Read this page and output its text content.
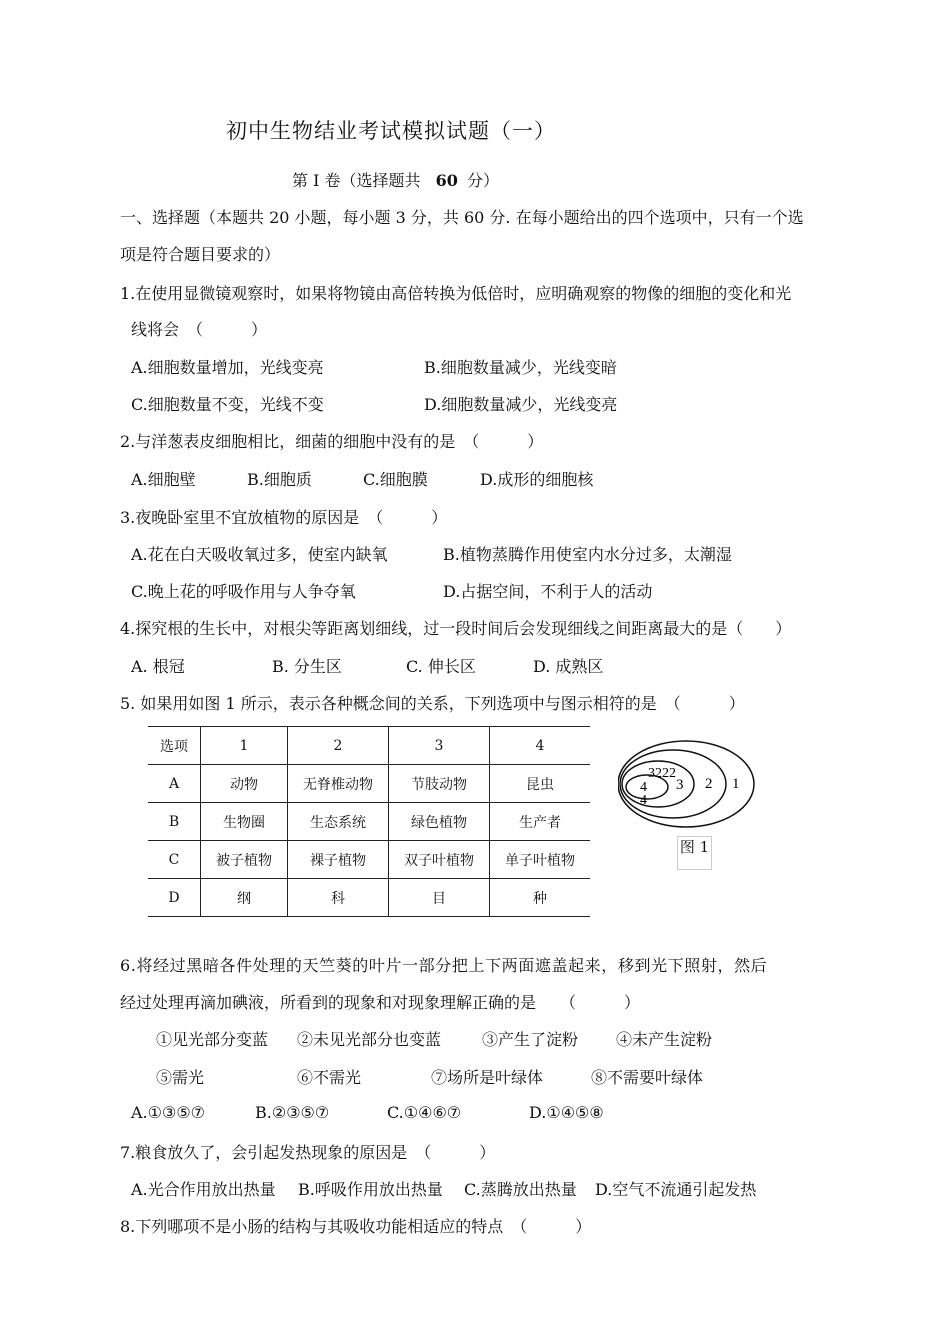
初中生物结业考试模拟试题（一）
第 I 卷（选择题共 60 分）
一、选择题（本题共 20 小题，每小题 3 分，共 60 分. 在每小题给出的四个选项中，只有一个选
项是符合题目要求的）
1.在使用显微镜观察时，如果将物镜由高倍转换为低倍时，应明确观察的物像的细胞的变化和光
线将会　（　　　）
A.细胞数量增加，光线变亮	B.细胞数量减少，光线变暗
C.细胞数量不变，光线不变	D.细胞数量减少，光线变亮
2.与洋葱表皮细胞相比，细菌的细胞中没有的是　（　　　）
A.细胞壁	B.细胞质	C.细胞膜	D.成形的细胞核
3.夜晚卧室里不宜放植物的原因是　（　　　）
A.花在白天吸收氧过多，使室内缺氧	B.植物蒸腾作用使室内水分过多，太潮湿
C.晚上花的呼吸作用与人争夺氧	D.占据空间，不利于人的活动
4.探究根的生长中，对根尖等距离划细线，过一段时间后会发现细线之间距离最大的是（　　）
A. 根冠	B. 分生区	C. 伸长区	D. 成熟区
5. 如果用如图 1 所示，表示各种概念间的关系，下列选项中与图示相符的是　（　　　）
选项	1	2	3	4
A	动物	无脊椎动物	节肢动物	昆虫
B	生物圈	生态系统	绿色植物	生产者
C	被子植物	裸子植物	双子叶植物	单子叶植物
D	纲	科	目	种
1
2
3
4
3222
4
图 1
6.将经过黑暗各件处理的天竺葵的叶片一部分把上下两面遮盖起来，移到光下照射，然后
经过处理再滴加碘液，所看到的现象和对现象理解正确的是　　（　　　）
①见光部分变蓝 ②未见光部分也变蓝	③产生了淀粉 ④未产生淀粉
⑤需光	⑥不需光	⑦场所是叶绿体	⑧不需要叶绿体
A.①③⑤⑦	B.②③⑤⑦	C.①④⑥⑦	D.①④⑤⑧
7.粮食放久了，会引起发热现象的原因是　（　　　）
A.光合作用放出热量 B.呼吸作用放出热量 C.蒸腾放出热量 D.空气不流通引起发热
8.下列哪项不是小肠的结构与其吸收功能相适应的特点　（　　　）
